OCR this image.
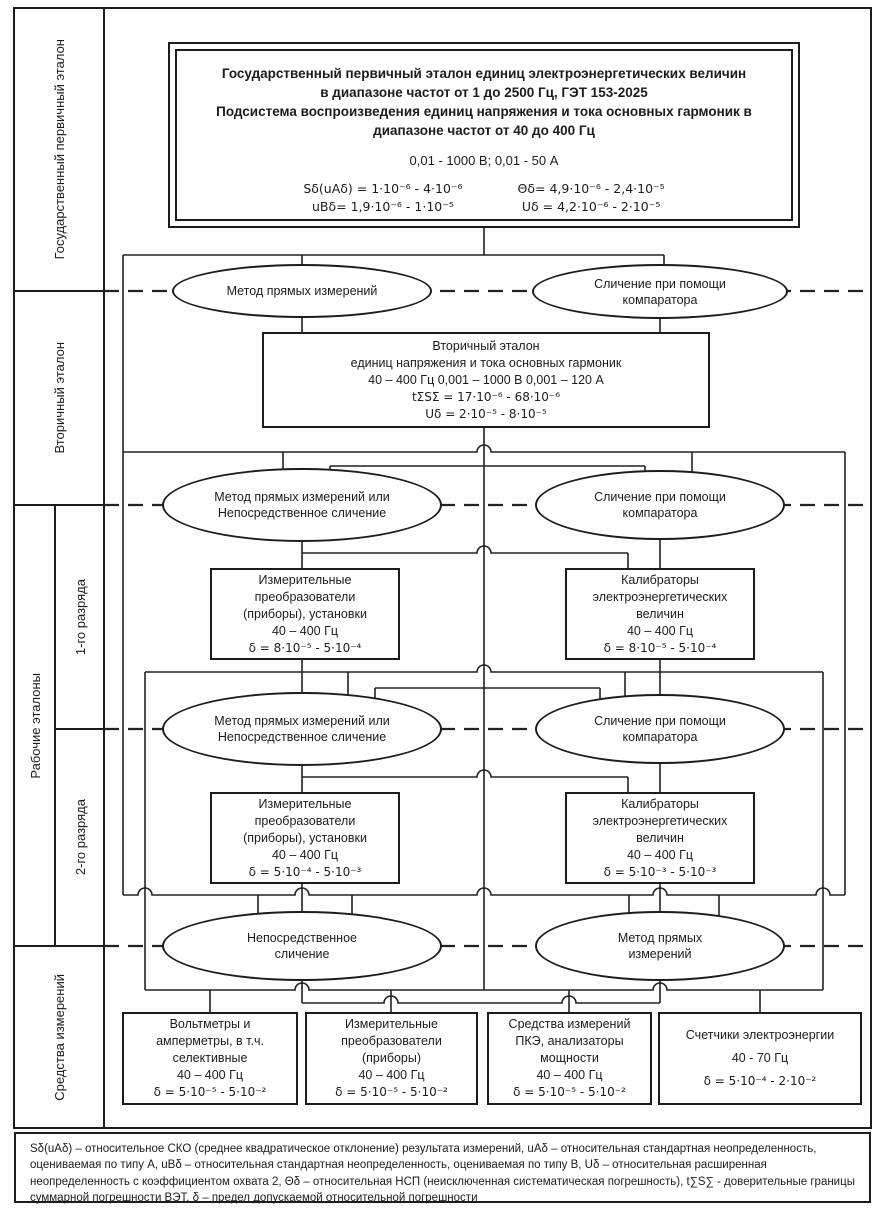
Государственный первичный эталон
Вторичный эталон
Рабочие эталоны
1-го разряда
2-го разряда
Средства измерений
Государственный первичный эталон единиц электроэнергетических величин
в диапазоне частот от 1 до 2500 Гц, ГЭТ 153-2025
Подсистема воспроизведения единиц напряжения и тока основных гармоник в
диапазоне частот от 40 до 400 Гц
0,01 - 1000 В; 0,01 - 50 А
Sδ(uAδ) = 1·10⁻⁶ - 4·10⁻⁶
uBδ= 1,9·10⁻⁶ - 1·10⁻⁵
Θδ= 4,9·10⁻⁶ - 2,4·10⁻⁵
Uδ = 4,2·10⁻⁶ - 2·10⁻⁵
Метод прямых измерений
Сличение при помощи
компаратора
Вторичный эталон
единиц напряжения и тока основных гармоник
40 – 400 Гц 0,001 – 1000 В 0,001 – 120 А
tΣSΣ = 17·10⁻⁶ - 68·10⁻⁶
Uδ = 2·10⁻⁵ - 8·10⁻⁵
Метод прямых измерений или
Непосредственное сличение
Сличение при помощи
компаратора
Измерительные
преобразователи
(приборы), установки
40 – 400 Гц
δ = 8·10⁻⁵ - 5·10⁻⁴
Калибраторы
электроэнергетических
величин
40 – 400 Гц
δ = 8·10⁻⁵ - 5·10⁻⁴
Метод прямых измерений или
Непосредственное сличение
Сличение при помощи
компаратора
Измерительные
преобразователи
(приборы), установки
40 – 400 Гц
δ = 5·10⁻⁴ - 5·10⁻³
Калибраторы
электроэнергетических
величин
40 – 400 Гц
δ = 5·10⁻³ - 5·10⁻³
Непосредственное
сличение
Метод прямых
измерений
Вольтметры и
амперметры, в т.ч.
селективные
40 – 400 Гц
δ = 5·10⁻⁵ - 5·10⁻²
Измерительные
преобразователи
(приборы)
40 – 400 Гц
δ = 5·10⁻⁵ - 5·10⁻²
Средства измерений
ПКЭ, анализаторы
мощности
40 – 400 Гц
δ = 5·10⁻⁵ - 5·10⁻²
Счетчики электроэнергии
40 - 70 Гц
δ = 5·10⁻⁴ - 2·10⁻²
Sδ(uAδ) – относительное СКО (среднее квадратическое отклонение) результата измерений, uAδ – относительная стандартная неопределенность, оцениваемая по типу А, uBδ – относительная стандартная неопределенность, оцениваемая по типу В, Uδ – относительная расширенная неопределенность с коэффициентом охвата 2, Θδ – относительная НСП (неисключенная систематическая погрешность), t∑S∑ - доверительные границы суммарной погрешности ВЭТ, δ – предел допускаемой относительной погрешности
